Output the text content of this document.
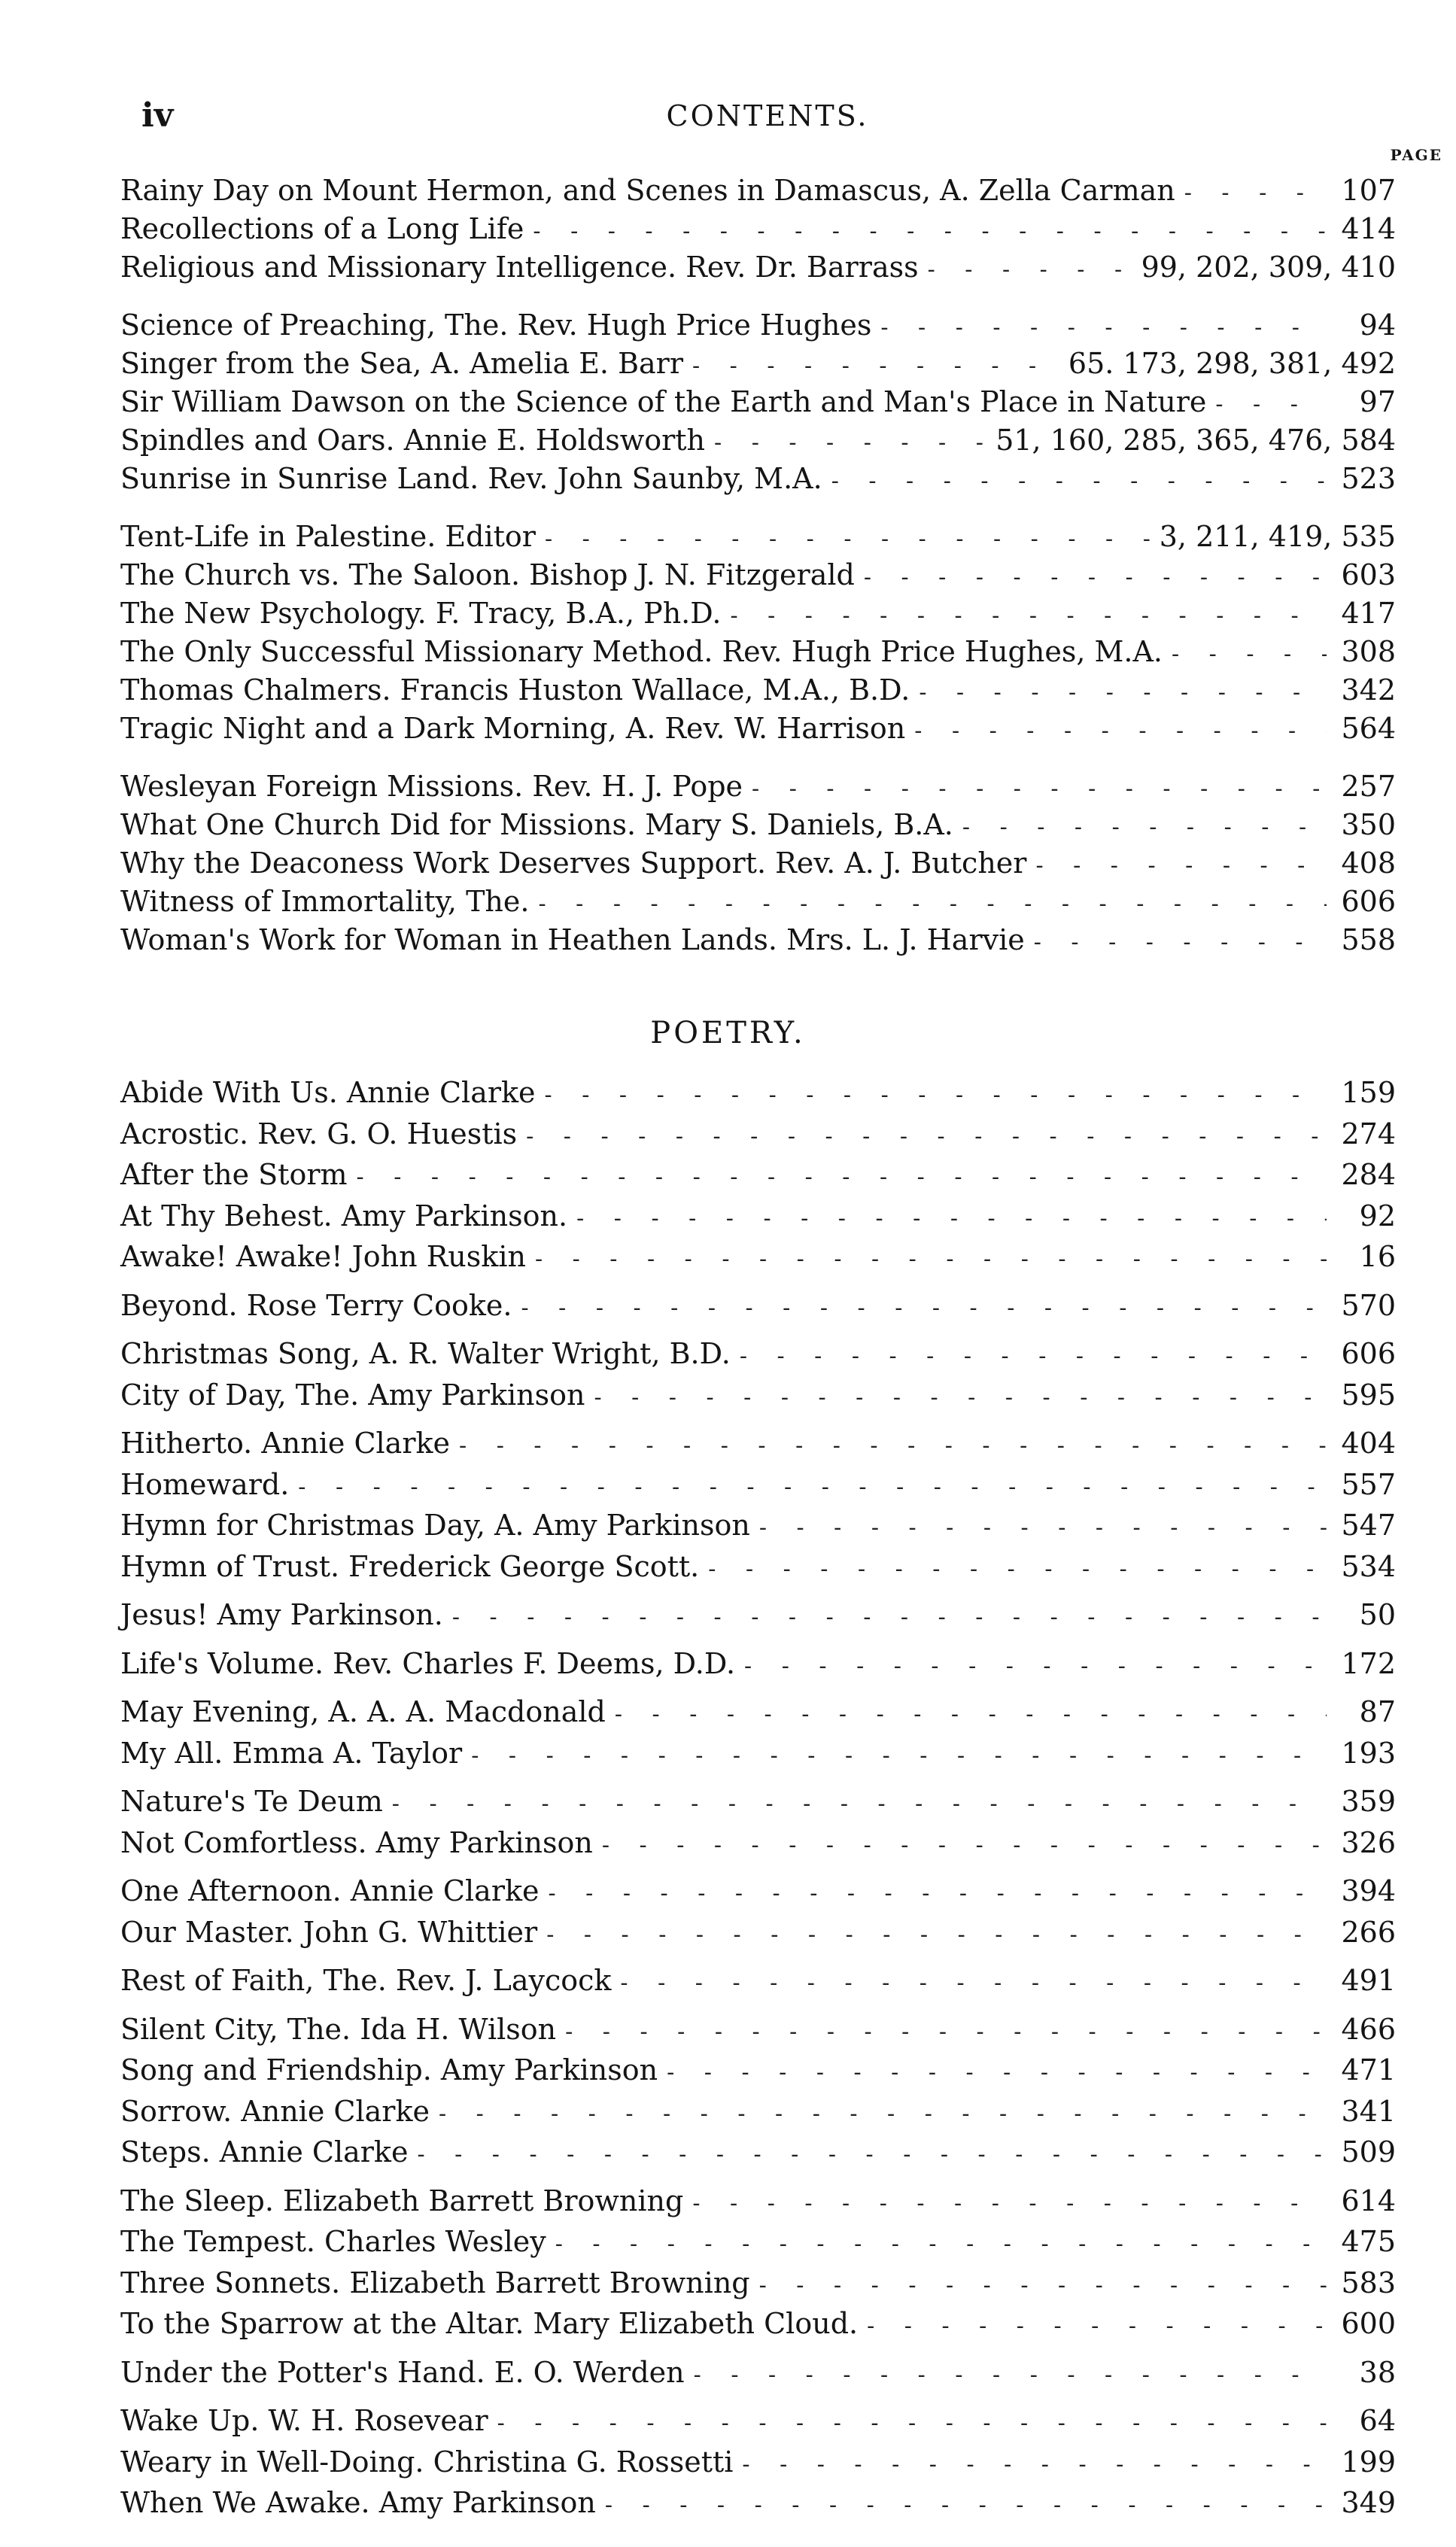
iv	CONTENTS.
PAGE
Rainy Day on Mount Hermon, and Scenes in Damascus, A. Zella Carman - - -	107
Recollections of a Long Life - - -	414
Religious and Missionary Intelligence. Rev. Dr. Barrass - - -	99, 202, 309, 410
Science of Preaching, The. Rev. Hugh Price Hughes - - -	94
Singer from the Sea, A. Amelia E. Barr - - -	65. 173, 298, 381, 492
Sir William Dawson on the Science of the Earth and Man's Place in Nature - - -	97
Spindles and Oars. Annie E. Holdsworth - - -	51, 160, 285, 365, 476, 584
Sunrise in Sunrise Land. Rev. John Saunby, M.A. - - -	523
Tent-Life in Palestine. Editor - - -	3, 211, 419, 535
The Church vs. The Saloon. Bishop J. N. Fitzgerald - - -	603
The New Psychology. F. Tracy, B.A., Ph.D. - - -	417
The Only Successful Missionary Method. Rev. Hugh Price Hughes, M.A. - - -	308
Thomas Chalmers. Francis Huston Wallace, M.A., B.D. - - -	342
Tragic Night and a Dark Morning, A. Rev. W. Harrison - - -	564
Wesleyan Foreign Missions. Rev. H. J. Pope - - -	257
What One Church Did for Missions. Mary S. Daniels, B.A. - - -	350
Why the Deaconess Work Deserves Support. Rev. A. J. Butcher - - -	408
Witness of Immortality, The. - - -	606
Woman's Work for Woman in Heathen Lands. Mrs. L. J. Harvie - - -	558
POETRY.
Abide With Us. Annie Clarke - - -	159
Acrostic. Rev. G. O. Huestis - - -	274
After the Storm - - -	284
At Thy Behest. Amy Parkinson. - - -	92
Awake! Awake! John Ruskin - - -	16
Beyond. Rose Terry Cooke. - - -	570
Christmas Song, A. R. Walter Wright, B.D. - - -	606
City of Day, The. Amy Parkinson - - -	595
Hitherto. Annie Clarke - - -	404
Homeward. - - -	557
Hymn for Christmas Day, A. Amy Parkinson - - -	547
Hymn of Trust. Frederick George Scott. - - -	534
Jesus! Amy Parkinson. - - -	50
Life's Volume. Rev. Charles F. Deems, D.D. - - -	172
May Evening, A. A. A. Macdonald - - -	87
My All. Emma A. Taylor - - -	193
Nature's Te Deum - - -	359
Not Comfortless. Amy Parkinson - - -	326
One Afternoon. Annie Clarke - - -	394
Our Master. John G. Whittier - - -	266
Rest of Faith, The. Rev. J. Laycock - - -	491
Silent City, The. Ida H. Wilson - - -	466
Song and Friendship. Amy Parkinson - - -	471
Sorrow. Annie Clarke - - -	341
Steps. Annie Clarke - - -	509
The Sleep. Elizabeth Barrett Browning - - -	614
The Tempest. Charles Wesley - - -	475
Three Sonnets. Elizabeth Barrett Browning - - -	583
To the Sparrow at the Altar. Mary Elizabeth Cloud. - - -	600
Under the Potter's Hand. E. O. Werden - - -	38
Wake Up. W. H. Rosevear - - -	64
Weary in Well-Doing. Christina G. Rossetti - - -	199
When We Awake. Amy Parkinson - - -	349
